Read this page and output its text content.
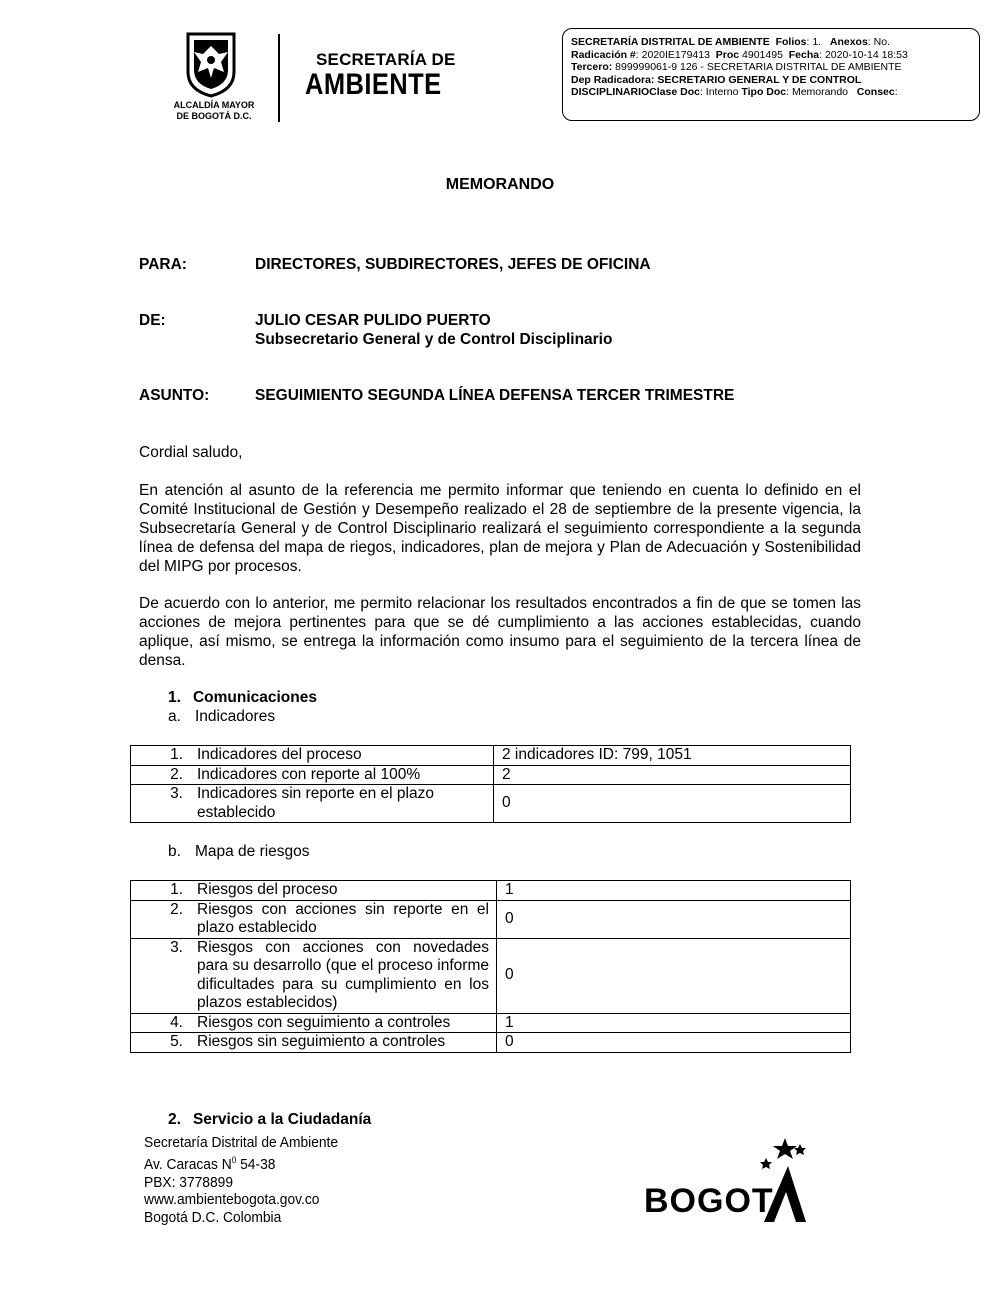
ALCALDÍA MAYOR
DE BOGOTÁ D.C.
SECRETARÍA DE
AMBIENTE
SECRETARÍA DISTRITAL DE AMBIENTE Folios: 1. Anexos: No.
Radicación #: 2020IE179413 Proc 4901495 Fecha: 2020-10-14 18:53
Tercero: 899999061-9 126 - SECRETARIA DISTRITAL DE AMBIENTE
Dep Radicadora: SECRETARIO GENERAL Y DE CONTROL
DISCIPLINARIOClase Doc: Interno Tipo Doc: Memorando Consec:
MEMORANDO
PARA:	DIRECTORES, SUBDIRECTORES, JEFES DE OFICINA
DE:	JULIO CESAR PULIDO PUERTO
Subsecretario General y de Control Disciplinario
ASUNTO:	SEGUIMIENTO SEGUNDA LÍNEA DEFENSA TERCER TRIMESTRE
Cordial saludo,
En atención al asunto de la referencia me permito informar que teniendo en cuenta lo definido en el Comité Institucional de Gestión y Desempeño realizado el 28 de septiembre de la presente vigencia, la Subsecretaría General y de Control Disciplinario realizará el seguimiento correspondiente a la segunda línea de defensa del mapa de riegos, indicadores, plan de mejora y Plan de Adecuación y Sostenibilidad del MIPG por procesos.
De acuerdo con lo anterior, me permito relacionar los resultados encontrados a fin de que se tomen las acciones de mejora pertinentes para que se dé cumplimiento a las acciones establecidas, cuando aplique, así mismo, se entrega la información como insumo para el seguimiento de la tercera línea de densa.
1. Comunicaciones
a. Indicadores
1. Indicadores del proceso	2 indicadores ID: 799, 1051
2. Indicadores con reporte al 100%	2
3. Indicadores sin reporte en el plazo establecido	0
b. Mapa de riesgos
1. Riesgos del proceso	1
2. Riesgos con acciones sin reporte en el plazo establecido	0
3. Riesgos con acciones con novedades para su desarrollo (que el proceso informe dificultades para su cumplimiento en los plazos establecidos)	0
4. Riesgos con seguimiento a controles	1
5. Riesgos sin seguimiento a controles	0
2. Servicio a la Ciudadanía
Secretaría Distrital de Ambiente
Av. Caracas $N^0$ 54-38
PBX: 3778899
www.ambientebogota.gov.co
Bogotá D.C. Colombia	BOGOT
